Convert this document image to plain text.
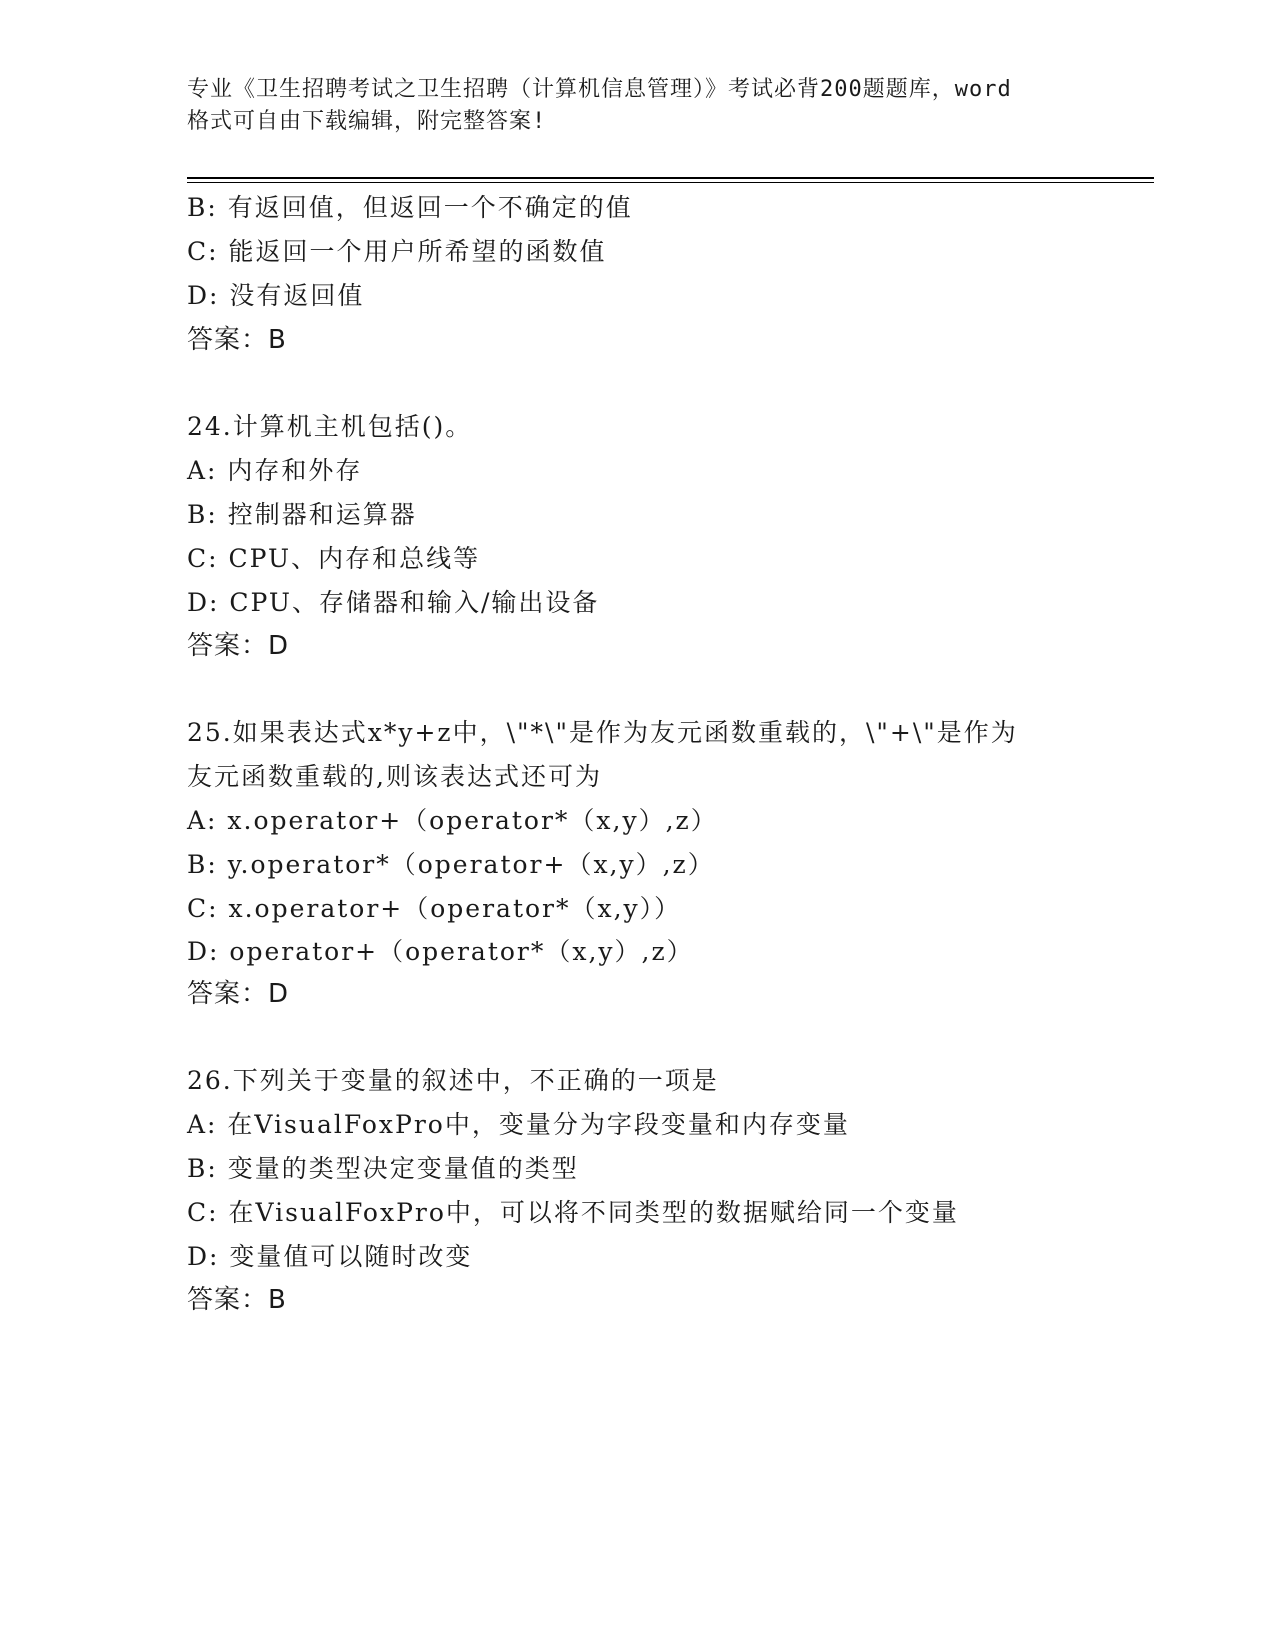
专业《卫生招聘考试之卫生招聘（计算机信息管理）》考试必背200题题库，word
格式可自由下载编辑，附完整答案!
B: 有返回值，但返回一个不确定的值
C: 能返回一个用户所希望的函数值
D: 没有返回值
答案：B
24.计算机主机包括()。
A: 内存和外存
B: 控制器和运算器
C: CPU、内存和总线等
D: CPU、存储器和输入/输出设备
答案：D
25.如果表达式x*y+z中，\"*\"是作为友元函数重载的，\"+\"是作为
友元函数重载的,则该表达式还可为
A: x.operator+（operator*（x,y）,z）
B: y.operator*（operator+（x,y）,z）
C: x.operator+（operator*（x,y））
D: operator+（operator*（x,y）,z）
答案：D
26.下列关于变量的叙述中，不正确的一项是
A: 在VisualFoxPro中，变量分为字段变量和内存变量
B: 变量的类型决定变量值的类型
C: 在VisualFoxPro中，可以将不同类型的数据赋给同一个变量
D: 变量值可以随时改变
答案：B
